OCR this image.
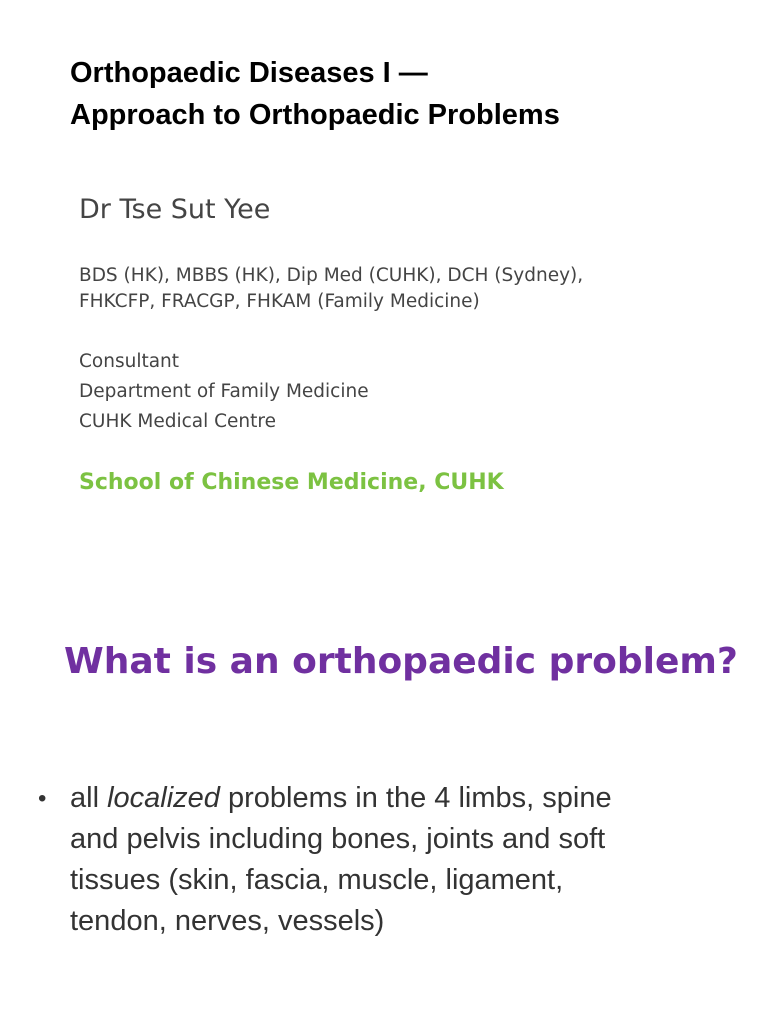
Orthopaedic Diseases I —
Approach to Orthopaedic Problems

Dr Tse Sut Yee

BDS (HK), MBBS (HK), Dip Med (CUHK), DCH (Sydney),
FHKCFP, FRACGP, FHKAM (Family Medicine)

Consultant
Department of Family Medicine
CUHK Medical Centre

School of Chinese Medicine, CUHK

What is an orthopaedic problem?
• all localized problems in the 4 limbs, spine
and pelvis including bones, joints and soft
tissues (skin, fascia, muscle, ligament,
tendon, nerves, vessels)
